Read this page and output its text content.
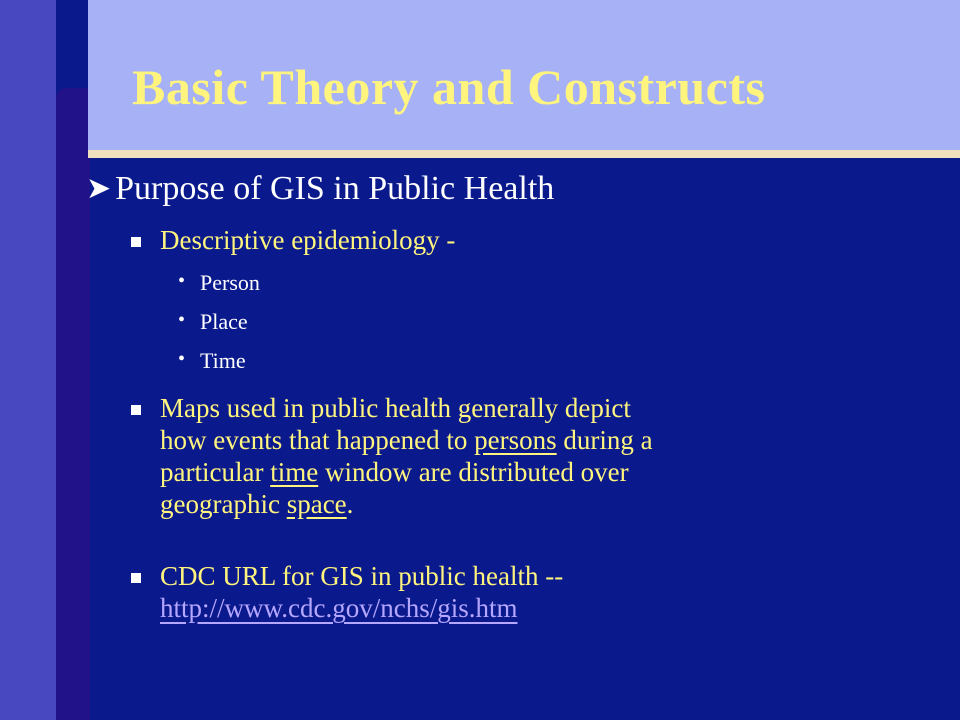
Basic Theory and Constructs
➤ Purpose of GIS in Public Health
Descriptive epidemiology -
• Person
• Place
• Time
Maps used in public health generally depict
how events that happened to persons during a
particular time window are distributed over
geographic space.
CDC URL for GIS in public health --
http://www.cdc.gov/nchs/gis.htm
